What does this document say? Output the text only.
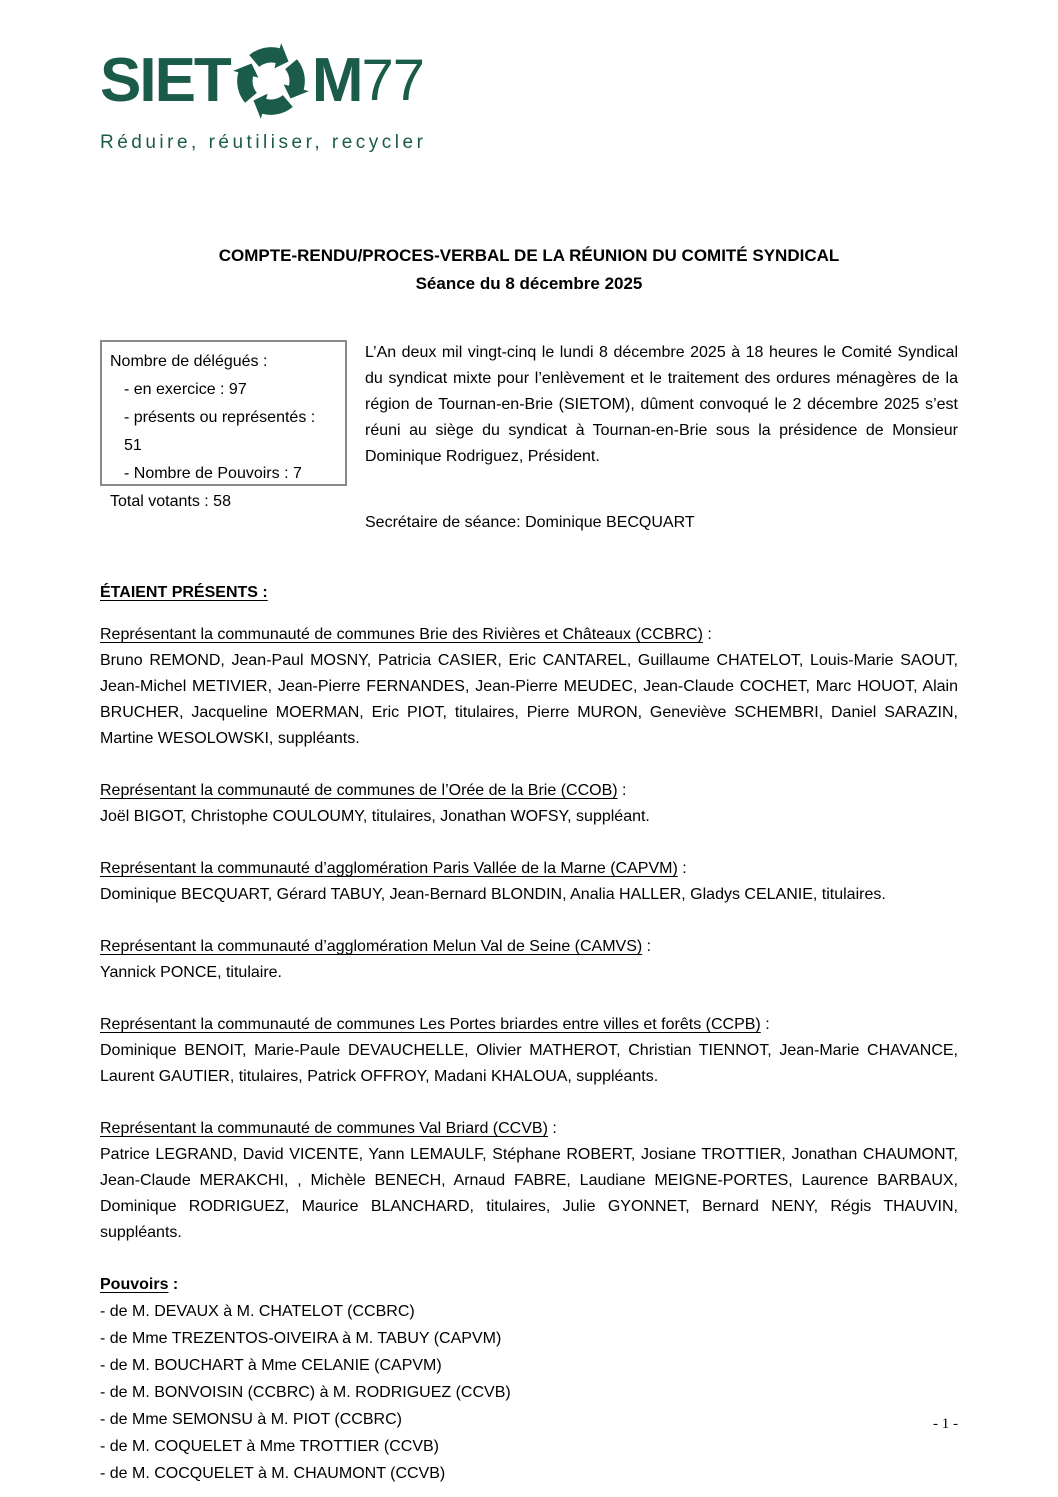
SIET M 77
Réduire, réutiliser, recycler
COMPTE-RENDU/PROCES-VERBAL DE LA RÉUNION DU COMITÉ SYNDICAL
Séance du 8 décembre 2025
Nombre de délégués :
- en exercice : 97
- présents ou représentés : 51
- Nombre de Pouvoirs : 7
Total votants : 58

L’An deux mil vingt-cinq le lundi 8 décembre 2025 à 18 heures le Comité Syndical du syndicat mixte pour l’enlèvement et le traitement des ordures ménagères de la région de Tournan-en-Brie (SIETOM), dûment convoqué le 2 décembre 2025 s’est réuni au siège du syndicat à Tournan-en-Brie sous la présidence de Monsieur Dominique Rodriguez, Président.

Secrétaire de séance: Dominique BECQUART
ÉTAIENT PRÉSENTS :
Représentant la communauté de communes Brie des Rivières et Châteaux (CCBRC) :

Bruno REMOND, Jean-Paul MOSNY, Patricia CASIER, Eric CANTAREL, Guillaume CHATELOT, Louis-Marie SAOUT, Jean-Michel METIVIER, Jean-Pierre FERNANDES, Jean-Pierre MEUDEC, Jean-Claude COCHET, Marc HOUOT, Alain BRUCHER, Jacqueline MOERMAN, Eric PIOT, titulaires, Pierre MURON, Geneviève SCHEMBRI, Daniel SARAZIN, Martine WESOLOWSKI, suppléants.

Représentant la communauté de communes de l’Orée de la Brie (CCOB) :

Joël BIGOT, Christophe COULOUMY, titulaires, Jonathan WOFSY, suppléant.

Représentant la communauté d’agglomération Paris Vallée de la Marne (CAPVM) :

Dominique BECQUART, Gérard TABUY, Jean-Bernard BLONDIN, Analia HALLER, Gladys CELANIE, titulaires.

Représentant la communauté d’agglomération Melun Val de Seine (CAMVS) :

Yannick PONCE, titulaire.

Représentant la communauté de communes Les Portes briardes entre villes et forêts (CCPB) :

Dominique BENOIT, Marie-Paule DEVAUCHELLE, Olivier MATHEROT, Christian TIENNOT, Jean-Marie CHAVANCE, Laurent GAUTIER, titulaires, Patrick OFFROY, Madani KHALOUA, suppléants.

Représentant la communauté de communes Val Briard (CCVB) :

Patrice LEGRAND, David VICENTE, Yann LEMAULF, Stéphane ROBERT, Josiane TROTTIER, Jonathan CHAUMONT, Jean-Claude MERAKCHI, , Michèle BENECH, Arnaud FABRE, Laudiane MEIGNE-PORTES, Laurence BARBAUX, Dominique RODRIGUEZ, Maurice BLANCHARD, titulaires, Julie GYONNET, Bernard NENY, Régis THAUVIN, suppléants.

Pouvoirs :
- de M. DEVAUX à M. CHATELOT (CCBRC)
- de Mme TREZENTOS-OIVEIRA à M. TABUY (CAPVM)
- de M. BOUCHART à Mme CELANIE (CAPVM)
- de M. BONVOISIN (CCBRC) à M. RODRIGUEZ (CCVB)
- de Mme SEMONSU à M. PIOT (CCBRC)
- de M. COQUELET à Mme TROTTIER (CCVB)
- de M. COCQUELET à M. CHAUMONT (CCVB)
- 1 -
